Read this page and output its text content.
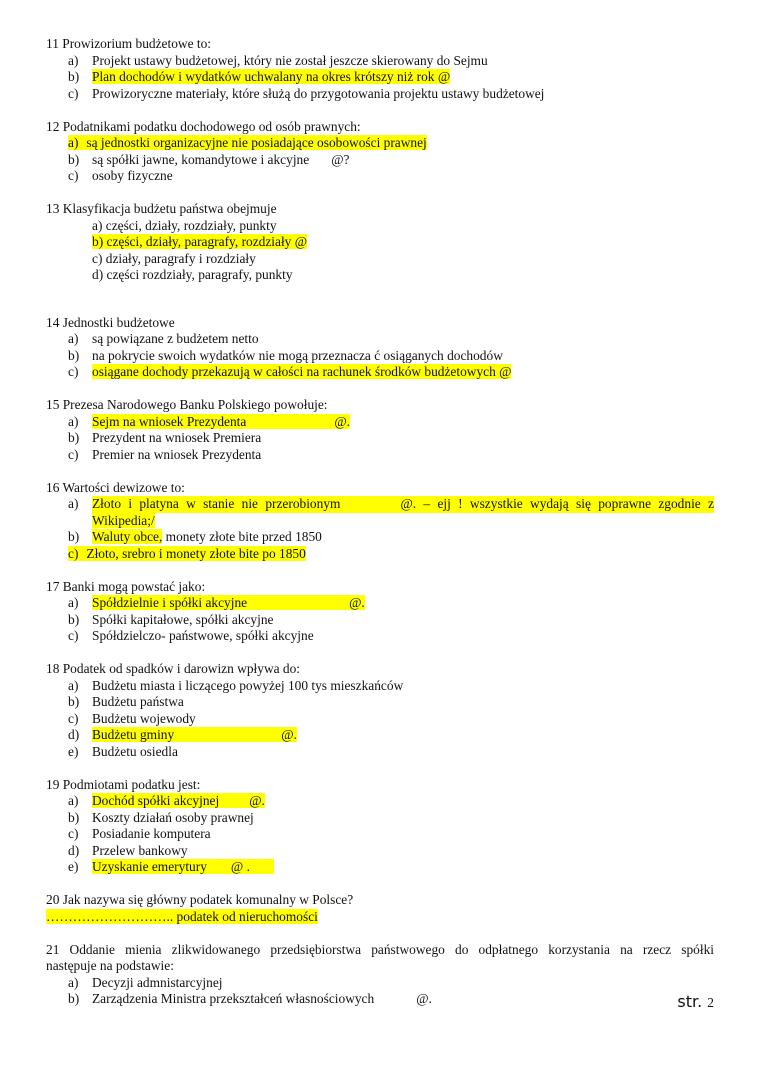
11 Prowizorium budżetowe to:
a) Projekt ustawy budżetowej, który nie został jeszcze skierowany do Sejmu
b) Plan dochodów i wydatków uchwalany na okres krótszy niż rok @
c) Prowizoryczne materiały, które służą do przygotowania projektu ustawy budżetowej
12 Podatnikami podatku dochodowego od osób prawnych:
a) są jednostki organizacyjne nie posiadające osobowości prawnej
b) są spółki jawne, komandytowe i akcyjne @?
c) osoby fizyczne
13 Klasyfikacja budżetu państwa obejmuje
a) części, działy, rozdziały, punkty
b) części, działy, paragrafy, rozdziały @
c) działy, paragrafy i rozdziały
d) części rozdziały, paragrafy, punkty
14 Jednostki budżetowe
a) są powiązane z budżetem netto
b) na pokrycie swoich wydatków nie mogą przeznacza ć osiąganych dochodów
c) osiągane dochody przekazują w całości na rachunek środków budżetowych @
15 Prezesa Narodowego Banku Polskiego powołuje:
a) Sejm na wniosek Prezydenta	@.
b) Prezydent na wniosek Premiera
c) Premier na wniosek Prezydenta
16 Wartości dewizowe to:
a) Złoto i platyna w stanie nie przerobionym	@. – ejj ! wszystkie wydają się poprawne zgodnie z
Wikipedia;/
b) Waluty obce, monety złote bite przed 1850
c) Złoto, srebro i monety złote bite po 1850
17 Banki mogą powstać jako:
a) Spółdzielnie i spółki akcyjne	@.
b) Spółki kapitałowe, spółki akcyjne
c) Spółdzielczo- państwowe, spółki akcyjne
18 Podatek od spadków i darowizn wpływa do:
a) Budżetu miasta i liczącego powyżej 100 tys mieszkańców
b) Budżetu państwa
c) Budżetu wojewody
d) Budżetu gminy	@.
e) Budżetu osiedla
19 Podmiotami podatku jest:
a) Dochód spółki akcyjnej @.
b) Koszty działań osoby prawnej
c) Posiadanie komputera
d) Przelew bankowy
e) Uzyskanie emerytury @ .
20 Jak nazywa się główny podatek komunalny w Polsce?
……………………….. podatek od nieruchomości
21 Oddanie mienia zlikwidowanego przedsiębiorstwa państwowego do odpłatnego korzystania na rzecz spółki
następuje na podstawie:
a) Decyzji admnistarcyjnej
b) Zarządzenia Ministra przekształceń własnościowych	@.	str. 2
